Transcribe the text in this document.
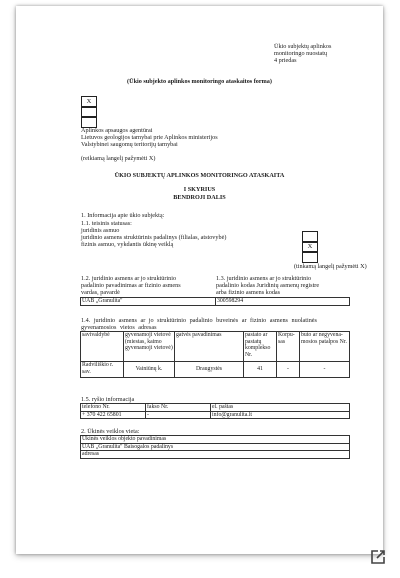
Ūkio subjektų aplinkos
monitoringo nuostatų
4 priedas
(Ūkio subjekto aplinkos monitoringo ataskaitos forma)
X
Aplinkos apsaugos agentūrai
Lietuvos geologijos tarnybai prie Aplinkos ministerijos
Valstybinei saugomų teritorijų tarnybai
(reikiamą langelį pažymėti X)
ŪKIO SUBJEKTŲ APLINKOS MONITORINGO ATASKAITA
I SKYRIUS
BENDROJI DALIS
1. Informacija apie ūkio subjektą:
1.1. teisinis statusas:
juridinis asmuo
juridinio asmens struktūrinis padalinys (filialas, atstovybė)
fizinis asmuo, vykdantis ūkinę veiklą	X
(tinkamą langelį pažymėti X)
1.2. juridinio asmens ar jo struktūrinio
padalinio pavadinimas ar fizinio asmens
vardas, pavardė
1.3. juridinio asmens ar jo struktūrinio
padalinio kodas Juridinių asmenų registre
arba fizinio asmens kodas
UAB „Granulita"	300598294
1.4. juridinio asmens ar jo struktūrinio padalinio buveinės ar fizinio asmens nuolatinės gyvenamosios vietos adresas
savivaldybė	gyvenamoji vietovė (miestas, kaimo gyvenamoji vietovė)	gatvės pavadinimas	pastato ar pastatų komplekso Nr.	Korpu-sas	buto ar negyvena-mosios patalpos Nr.
Radviliškio r. sav.	Vainiūnų k.	Draugystės	41	-	-
1.5. ryšio informacija
telefono Nr.	fakso Nr.	el. paštas
+ 370 422 65801	-	info@granulita.lt
2. Ūkinės veiklos vieta:
Ūkinės veiklos objekto pavadinimas
UAB „Granulita" Baisogalos padalinys
adresas
